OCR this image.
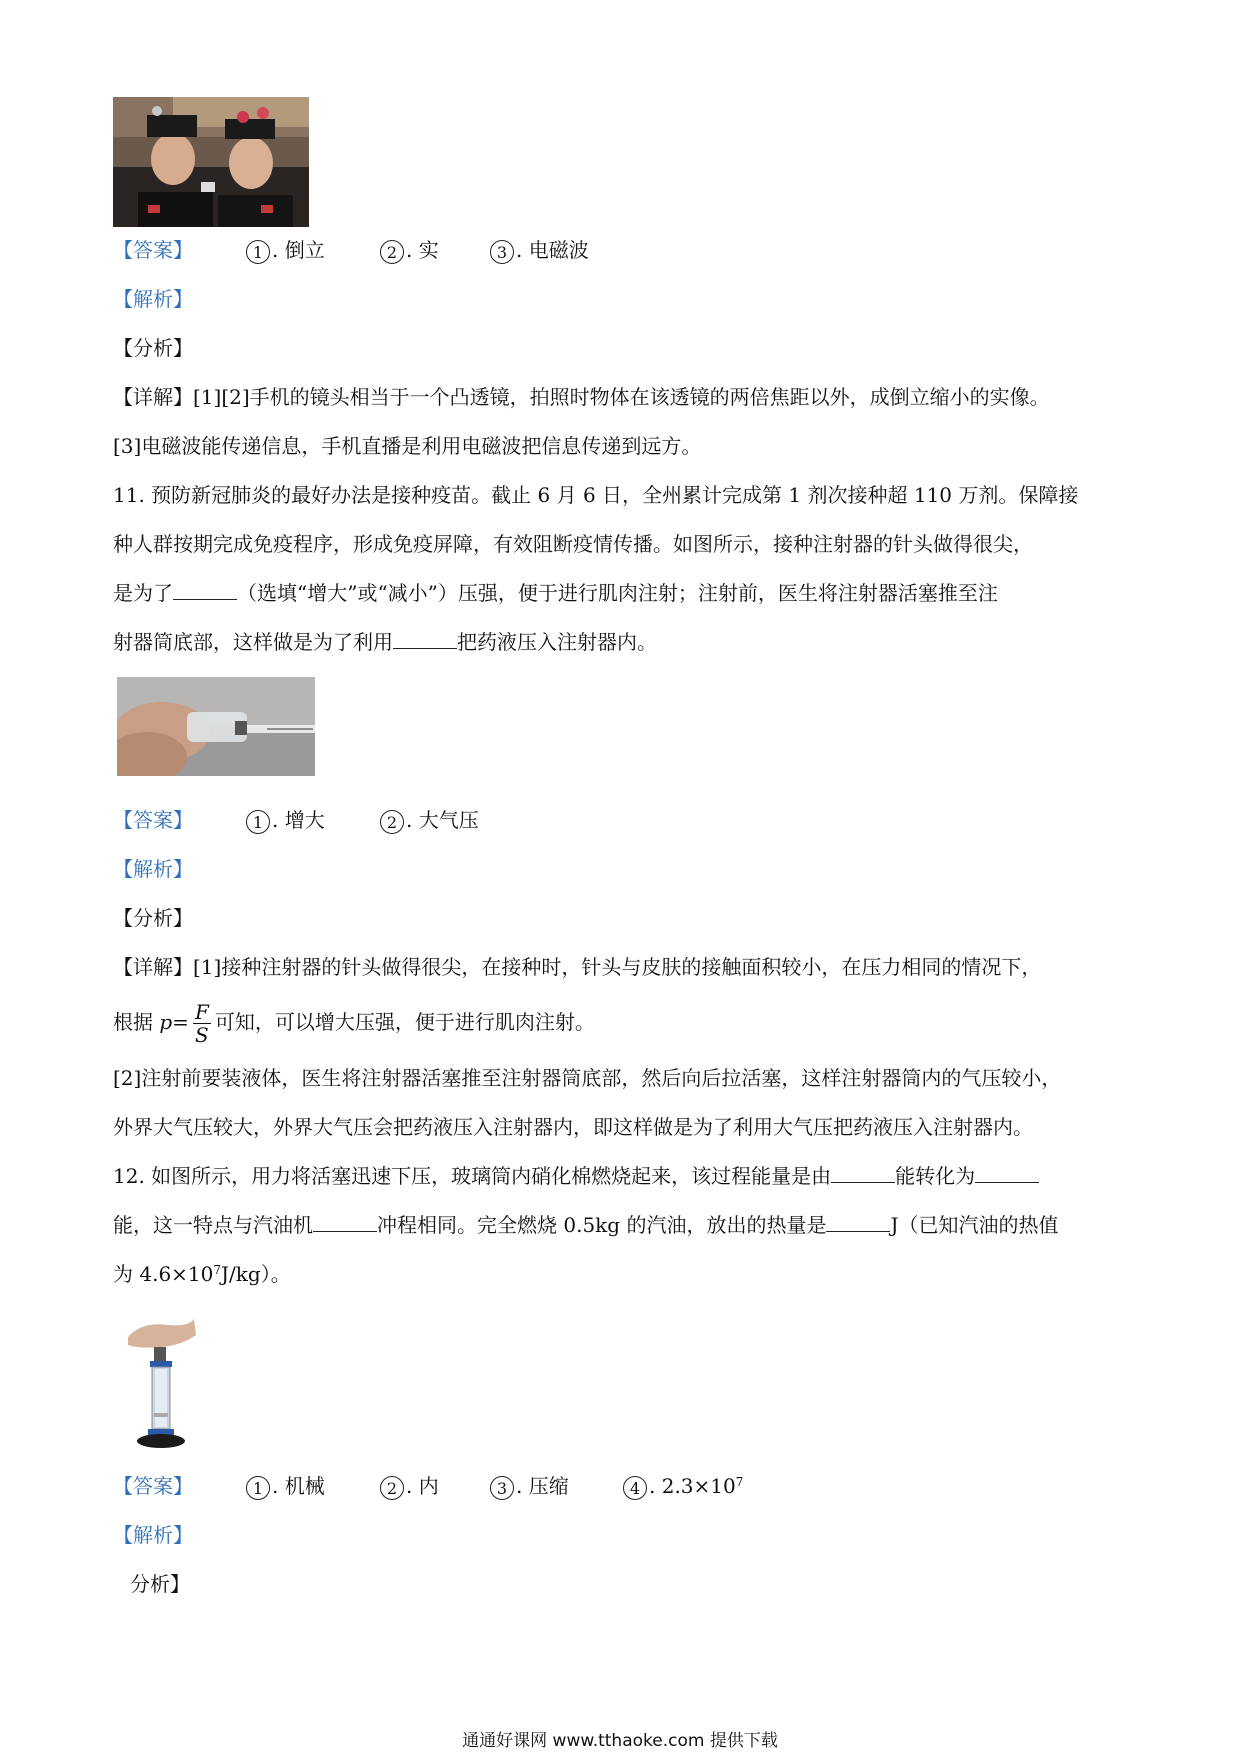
【答案】	1 . 倒立	2 . 实	3 . 电磁波
【解析】
【分析】
【详解】[1][2]手机的镜头相当于一个凸透镜，拍照时物体在该透镜的两倍焦距以外，成倒立缩小的实像。
[3]电磁波能传递信息，手机直播是利用电磁波把信息传递到远方。
11. 预防新冠肺炎的最好办法是接种疫苗。截止 6 月 6 日，全州累计完成第 1 剂次接种超 110 万剂。保障接
种人群按期完成免疫程序，形成免疫屏障，有效阻断疫情传播。如图所示，接种注射器的针头做得很尖，
是为了	（选填“增大”或“减小”）压强，便于进行肌肉注射；注射前，医生将注射器活塞推至注
射器筒底部，这样做是为了利用	把药液压入注射器内。
【答案】	1 . 增大	2 . 大气压
【解析】
【分析】
【详解】[1]接种注射器的针头做得很尖，在接种时，针头与皮肤的接触面积较小，在压力相同的情况下，
根据 $p= \frac{F}{S}$ 可知，可以增大压强，便于进行肌肉注射。
[2]注射前要装液体，医生将注射器活塞推至注射器筒底部，然后向后拉活塞，这样注射器筒内的气压较小，
外界大气压较大，外界大气压会把药液压入注射器内，即这样做是为了利用大气压把药液压入注射器内。
12. 如图所示，用力将活塞迅速下压，玻璃筒内硝化棉燃烧起来，该过程能量是由	能转化为
能，这一特点与汽油机	冲程相同。完全燃烧 0.5kg 的汽油，放出的热量是	J（已知汽油的热值
为 $4.6\times 10^7J/kg$）。
【答案】	1 . 机械	2 . 内	3 . 压缩	4 . $2.3\times 10^7$
【解析】
分析】
通通好课网 www.tthaoke.com 提供下载
